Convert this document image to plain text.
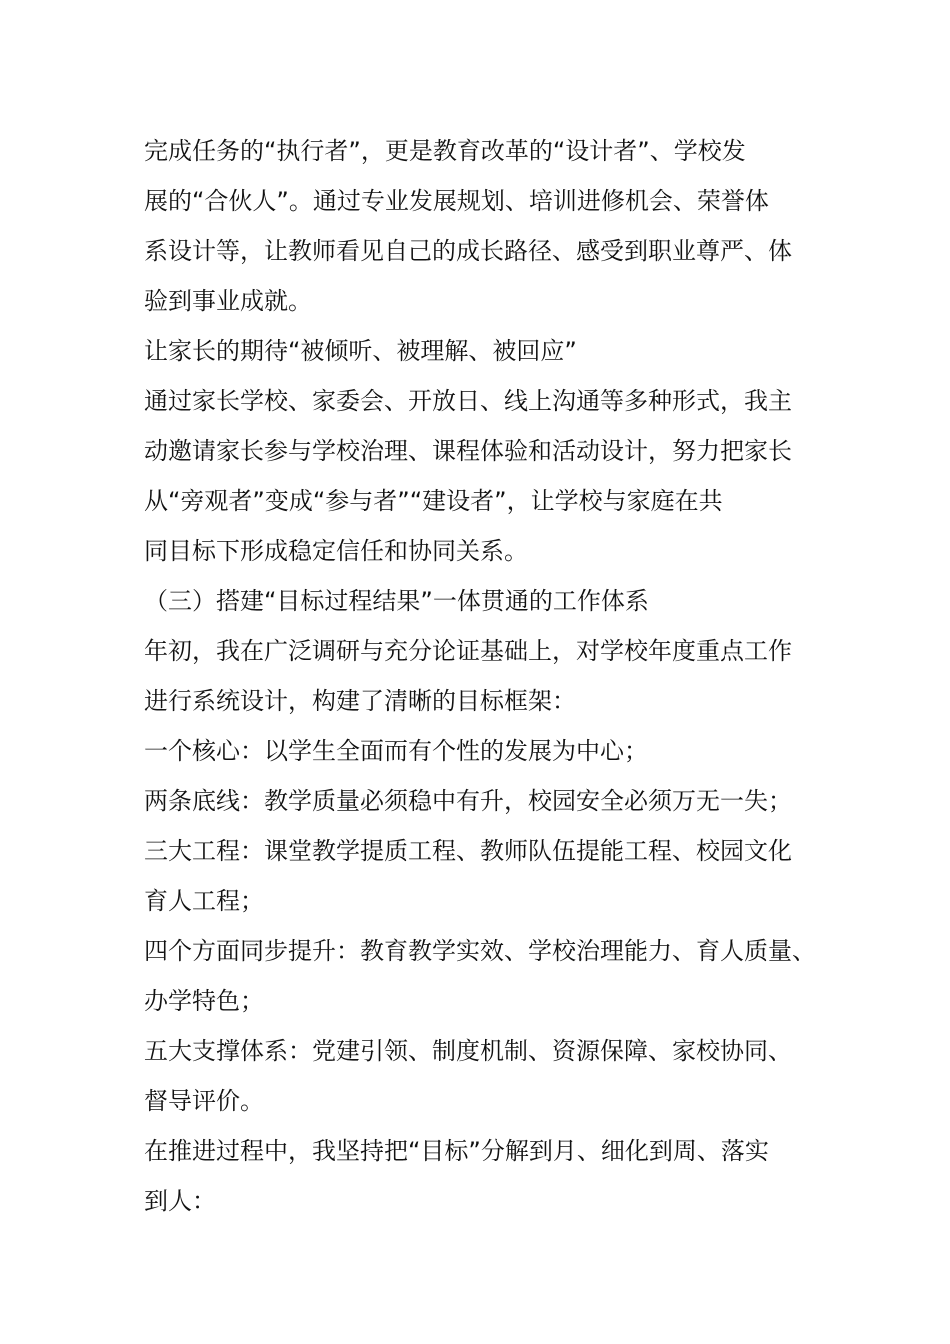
完成任务的“执行者”，更是教育改革的“设计者”、学校发

展的“合伙人”。通过专业发展规划、培训进修机会、荣誉体

系设计等，让教师看见自己的成长路径、感受到职业尊严、体

验到事业成就。

让家长的期待“被倾听、被理解、被回应”

通过家长学校、家委会、开放日、线上沟通等多种形式，我主

动邀请家长参与学校治理、课程体验和活动设计，努力把家长

从“旁观者”变成“参与者”“建设者”，让学校与家庭在共

同目标下形成稳定信任和协同关系。

（三）搭建“目标过程结果”一体贯通的工作体系

年初，我在广泛调研与充分论证基础上，对学校年度重点工作

进行系统设计，构建了清晰的目标框架：

一个核心：以学生全面而有个性的发展为中心；

两条底线：教学质量必须稳中有升，校园安全必须万无一失；

三大工程：课堂教学提质工程、教师队伍提能工程、校园文化

育人工程；

四个方面同步提升：教育教学实效、学校治理能力、育人质量、

办学特色；

五大支撑体系：党建引领、制度机制、资源保障、家校协同、

督导评价。

在推进过程中，我坚持把“目标”分解到月、细化到周、落实

到人：
